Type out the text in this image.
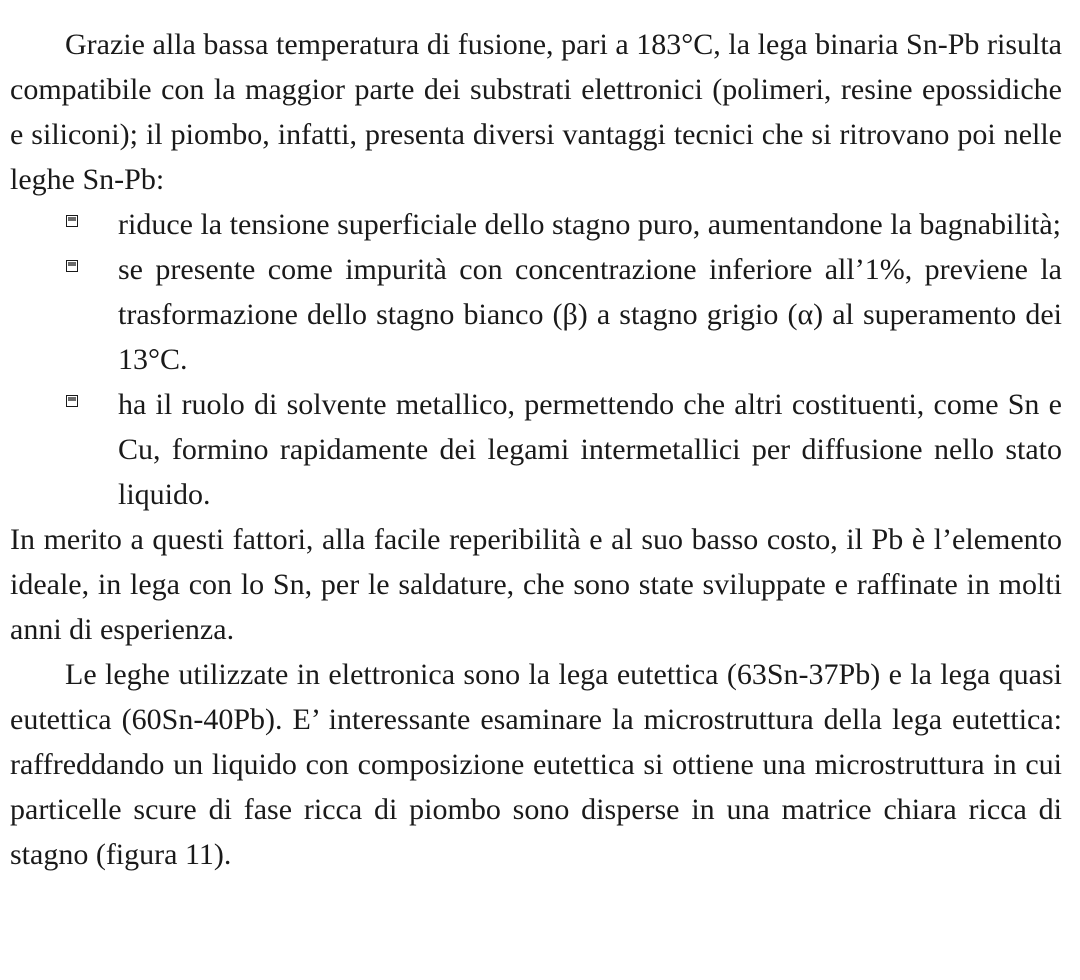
Grazie alla bassa temperatura di fusione, pari a 183°C, la lega binaria Sn-Pb risulta compatibile con la maggior parte dei substrati elettronici (polimeri, resine epossidiche e siliconi); il piombo, infatti, presenta diversi vantaggi tecnici che si ritrovano poi nelle leghe Sn-Pb:

riduce la tensione superficiale dello stagno puro, aumentandone la bagnabilità;
se presente come impurità con concentrazione inferiore all’1%, previene la trasformazione dello stagno bianco (β) a stagno grigio (α) al superamento dei 13°C.
ha il ruolo di solvente metallico, permettendo che altri costituenti, come Sn e Cu, formino rapidamente dei legami intermetallici per diffusione nello stato liquido.

In merito a questi fattori, alla facile reperibilità e al suo basso costo, il Pb è l’elemento ideale, in lega con lo Sn, per le saldature, che sono state sviluppate e raffinate in molti anni di esperienza.

Le leghe utilizzate in elettronica sono la lega eutettica (63Sn-37Pb) e la lega quasi eutettica (60Sn-40Pb). E’ interessante esaminare la microstruttura della lega eutettica: raffreddando un liquido con composizione eutettica si ottiene una microstruttura in cui particelle scure di fase ricca di piombo sono disperse in una matrice chiara ricca di stagno (figura 11).
